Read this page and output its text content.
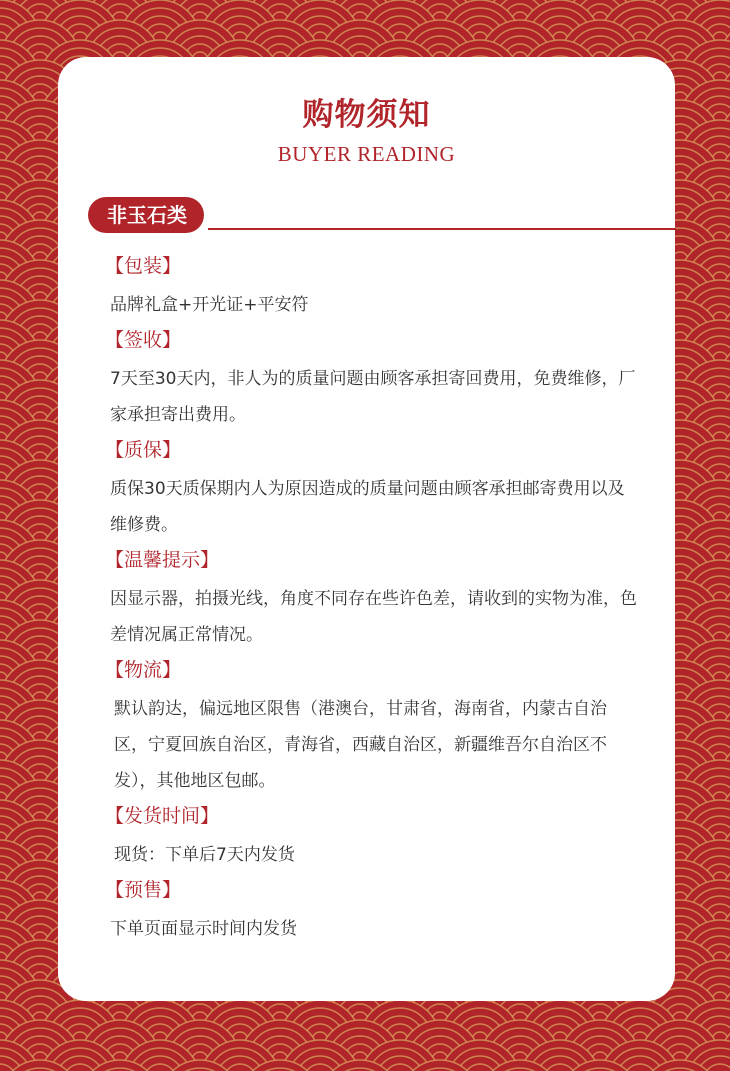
购物须知
BUYER READING
非玉石类
【包装】
品牌礼盒+开光证+平安符
【签收】
7天至30天内，非人为的质量问题由顾客承担寄回费用，免费维修，厂家承担寄出费用。
【质保】
质保30天质保期内人为原因造成的质量问题由顾客承担邮寄费用以及维修费。
【温馨提示】
因显示器，拍摄光线，角度不同存在些许色差，请收到的实物为准，色差情况属正常情况。
【物流】
默认韵达，偏远地区限售（港澳台，甘肃省，海南省，内蒙古自治区，宁夏回族自治区，青海省，西藏自治区，新疆维吾尔自治区不发），其他地区包邮。
【发货时间】
现货：下单后7天内发货
【预售】
下单页面显示时间内发货
